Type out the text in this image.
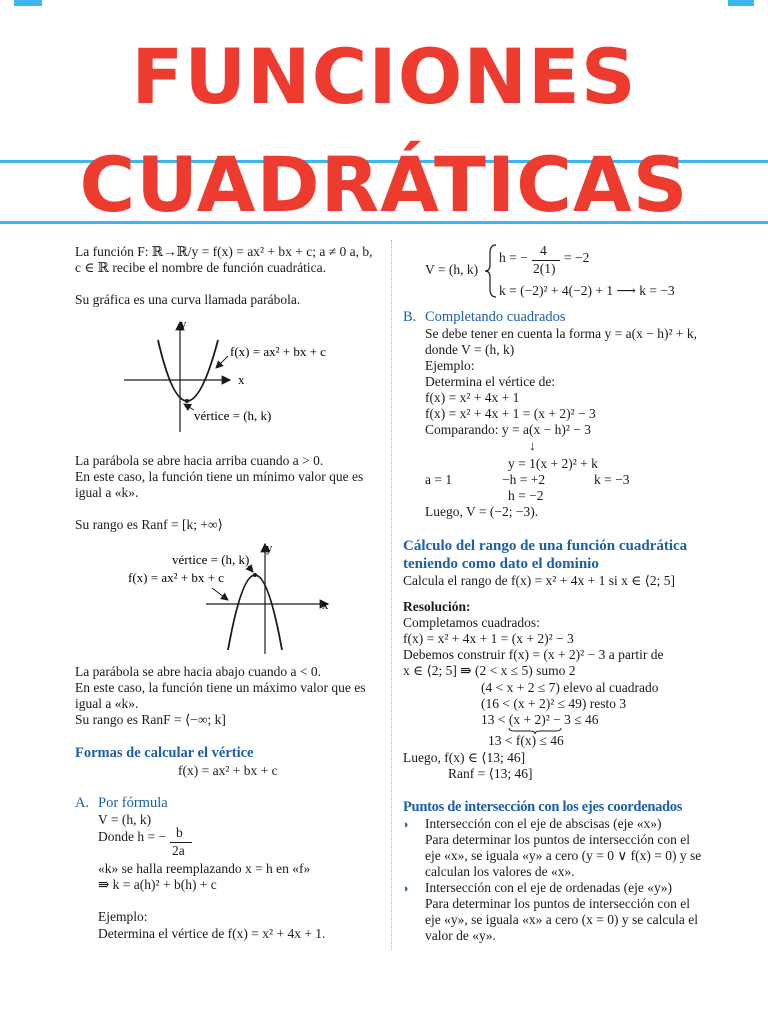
FUNCIONES
CUADRÁTICAS
La función F: ℝ→ℝ/y = f(x) = ax² + bx + c; a ≠ 0 a, b,
c ∈ ℝ recibe el nombre de función cuadrática.
Su gráfica es una curva llamada parábola.
y
x
f(x) = ax² + bx + c
vértice = (h, k)
La parábola se abre hacia arriba cuando a > 0.
En este caso, la función tiene un mínimo valor que es
igual a «k».
Su rango es Ranf = [k; +∞⟩
y
x
vértice = (h, k)
f(x) = ax² + bx + c
La parábola se abre hacia abajo cuando a < 0.
En este caso, la función tiene un máximo valor que es
igual a «k».
Su rango es RanF = ⟨−∞; k]
Formas de calcular el vértice
f(x) = ax² + bx + c
A. Por fórmula
V = (h, k)
Donde h = − b
2a
«k» se halla reemplazando x = h en «f»
⇛ k = a(h)² + b(h) + c
Ejemplo:
Determina el vértice de f(x) = x² + 4x + 1.
V = (h, k)
h = − 4
2(1)
= −2
k = (−2)² + 4(−2) + 1 ⟶ k = −3
B. Completando cuadrados
Se debe tener en cuenta la forma y = a(x − h)² + k,
donde V = (h, k)
Ejemplo:
Determina el vértice de:
f(x) = x² + 4x + 1
f(x) = x² + 4x + 1 = (x + 2)² − 3
Comparando: y = a(x − h)² − 3
↓
y = 1(x + 2)² + k
a = 1	−h = +2	k = −3
h = −2
Luego, V = (−2; −3).
Cálculo del rango de una función cuadrática
teniendo como dato el dominio
Calcula el rango de f(x) = x² + 4x + 1 si x ∈ ⟨2; 5]
Resolución:
Completamos cuadrados:
f(x) = x² + 4x + 1 = (x + 2)² − 3
Debemos construir f(x) = (x + 2)² − 3 a partir de
x ∈ ⟨2; 5] ⇛ (2 < x ≤ 5) sumo 2
(4 < x + 2 ≤ 7) elevo al cuadrado
(16 < (x + 2)² ≤ 49) resto 3
13 < (x + 2)² − 3 ≤ 46
13 < f(x) ≤ 46
Luego, f(x) ∈ ⟨13; 46]
Ranf = ⟨13; 46]
Puntos de intersección con los ejes coordenados
◗ Intersección con el eje de abscisas (eje «x»)
Para determinar los puntos de intersección con el
eje «x», se iguala «y» a cero (y = 0 ∨ f(x) = 0) y se
calculan los valores de «x».
◗ Intersección con el eje de ordenadas (eje «y»)
Para determinar los puntos de intersección con el
eje «y», se iguala «x» a cero (x = 0) y se calcula el
valor de «y».
